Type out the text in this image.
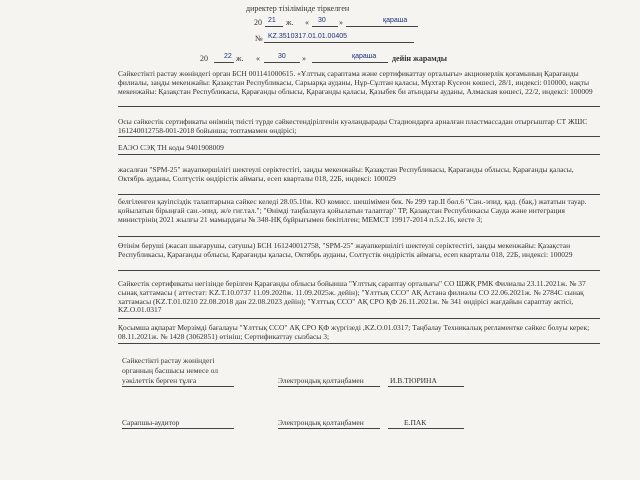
директер тізілімінде тіркелген
20 21 ж. « 30 »	қараша
№ KZ.3510317.01.01.00405
20 22 ж. «	30 »	қараша дейін жарамды
Сәйкестікті растау жөніндегі орган БСН 001141000615. «Ұлттық сараптама және сертификаттау орталығы» акционерлік қоғамының Қарағанды филиалы, заңды мекенжайы: Қазақстан Республикасы, Сарыарқа ауданы, Нұр-Сұлтан қаласы, Мұхтар Күсеон көшесі, 28/1, индексі: 010000, нақты мекенжайы: Қазақстан Республикасы, Қарағанды облысы, Қарағанды қаласы, Қазыбек би атындағы ауданы, Алмаская көшесі, 22/2, индексі: 100009
Осы сәйкестік сертификаты өнімнің тиісті түрде сәйкестендірілгенін куәландырады Стадиондарға арналған пластмассадан отырғыштар СТ ЖШС 161240012758-001-2018 бойынша; топтамамен өндірісі;
ЕАЭО СЭҚ ТН коды 9401908009
жасалған "SPM-25" жауапкершілігі шектеулі серіктестігі, заңды мекенжайы: Қазақстан Республикасы, Қарағанды облысы, Қарағанды қаласы, Октябрь ауданы, Солтүстік өндірістік аймағы, есеп кварталы 018, 22Б, индексі: 100029
белгіленген қауіпсіздік талаптарына сәйкес келеді 28.05.10ж. КО комисс. шешімімен бек. № 299 тар.II бөл.6 "Сан.-эпид. қад. (бақ.) жататын тауар. қойылатын бірыңғай сан.-эпид. ж/е гиг.тал."; "Өнімді таңбалауға қойылатын талаптар" ТР, Қазақстан Республикасы Сауда және интеграция министрінің 2021 жылғы 21 мамырдағы № 348-НҚ бұйрығымен бекітілген; МЕМСТ 19917-2014 п.5.2.16, кесте 3;
Өтінім беруші (жасап шығарушы, сатушы) БСН 161240012758, "SPM-25" жауапкершілігі шектеулі серіктестігі, заңды мекенжайы: Қазақстан Республикасы, Қарағанды облысы, Қарағанды қаласы, Октябрь ауданы, Солтүстік өндірістік аймағы, есеп кварталы 018, 22Б, индексі: 100029
Сәйкестік сертификаты негізінде берілген Қарағанды облысы бойынша "Ұлттық сараптау орталығы" СО ШЖҚ РМК Филиалы 23.11.2021ж. № 37 сынақ хаттамасы ( аттестат: KZ.T.10.0737 11.09.2020ж. 11.09.2025ж. дейін); "Ұлттық ССО" АҚ Астана филиалы СО 22.06.2021ж. № 2784С сынақ хаттамасы (KZ.T.01.0210 22.08.2018 дан 22.08.2023 дейін); "Ұлттық ССО" АҚ СРО ҚФ 26.11.2021ж. № 341 өндірісі жағдайын сараптау актісі, KZ.O.01.0317
Қосымша ақпарат Мерзімді бағалауы "Ұлттық ССО" АҚ СРО ҚФ жүргізеді ,KZ.O.01.0317; Таңбалау Техникалық регламентке сәйкес болуы керек; 08.11.2021ж. № 1428 (3062851) өтініш; Сертификаттау сызбасы 3;
Сәйкестікті растау жөніндегі
органның басшысы немесе ол
уәкілеттік берген тұлға	Электрондық қолтаңбамен	И.В.ТЮРИНА
Сарапшы-аудитор	Электрондық қолтаңбамен	Е.ПАК
